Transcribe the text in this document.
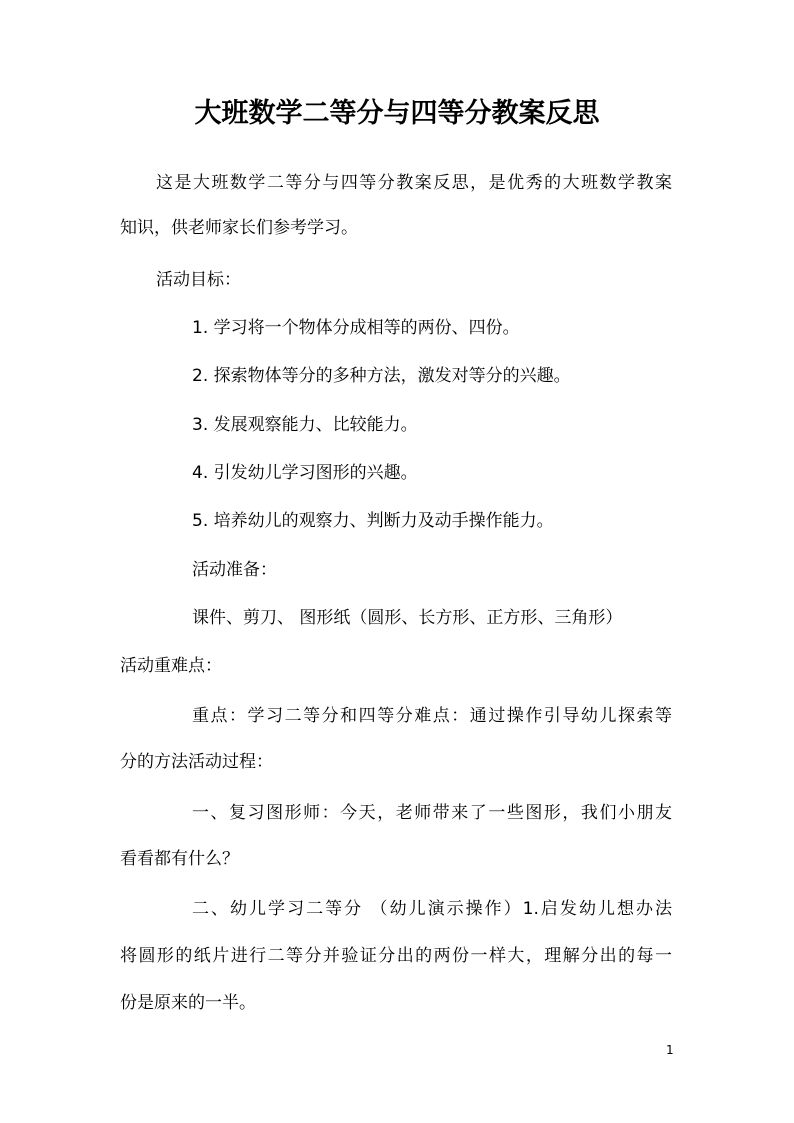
大班数学二等分与四等分教案反思
这是大班数学二等分与四等分教案反思，是优秀的大班数学教案
知识，供老师家长们参考学习。
活动目标：
1. 学习将一个物体分成相等的两份、四份。
2. 探索物体等分的多种方法，激发对等分的兴趣。
3. 发展观察能力、比较能力。
4. 引发幼儿学习图形的兴趣。
5. 培养幼儿的观察力、判断力及动手操作能力。
活动准备：
课件、剪刀、 图形纸（圆形、长方形、正方形、三角形）
活动重难点：
重点：学习二等分和四等分难点：通过操作引导幼儿探索等
分的方法活动过程：
一、复习图形师：今天，老师带来了一些图形，我们小朋友
看看都有什么？
二、幼儿学习二等分 （幼儿演示操作）1.启发幼儿想办法
将圆形的纸片进行二等分并验证分出的两份一样大，理解分出的每一
份是原来的一半。
1
